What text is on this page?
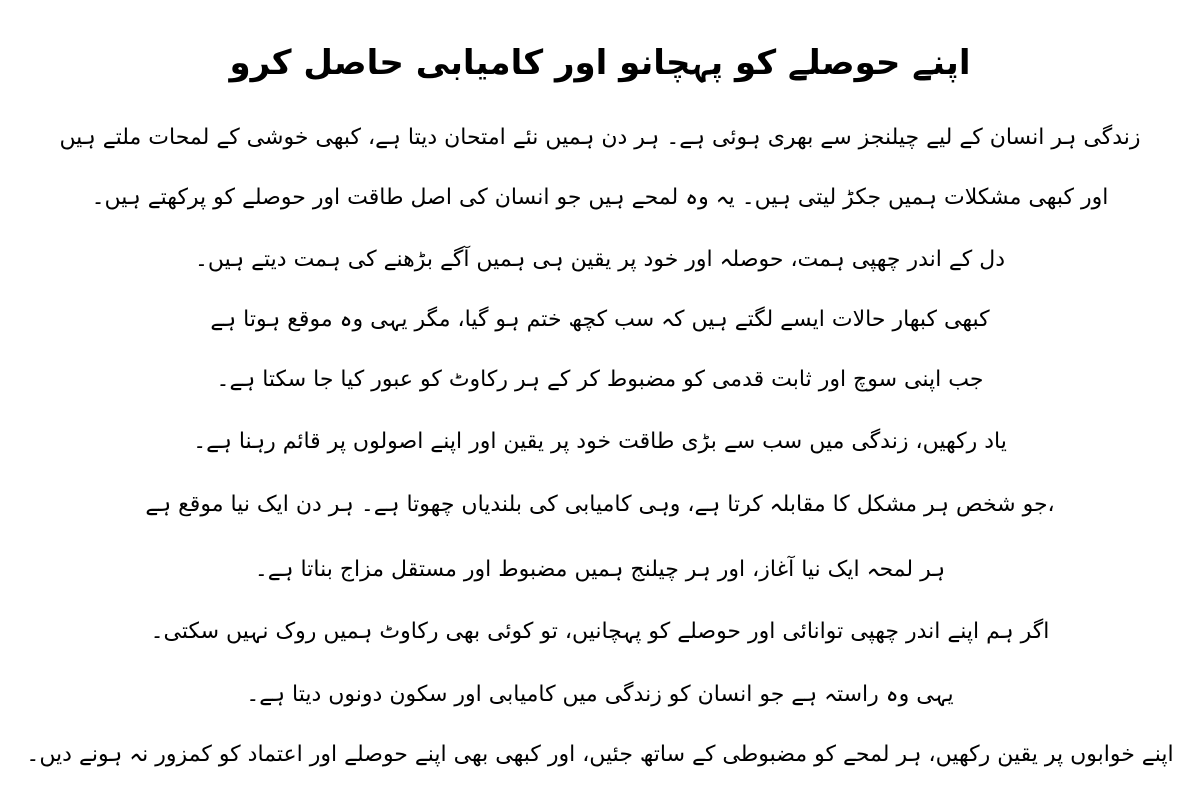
اپنے حوصلے کو پہچانو اور کامیابی حاصل کرو
زندگی ہر انسان کے لیے چیلنجز سے بھری ہوئی ہے۔ ہر دن ہمیں نئے امتحان دیتا ہے، کبھی خوشی کے لمحات ملتے ہیں
اور کبھی مشکلات ہمیں جکڑ لیتی ہیں۔ یہ وہ لمحے ہیں جو انسان کی اصل طاقت اور حوصلے کو پرکھتے ہیں۔
دل کے اندر چھپی ہمت، حوصلہ اور خود پر یقین ہی ہمیں آگے بڑھنے کی ہمت دیتے ہیں۔
کبھی کبھار حالات ایسے لگتے ہیں کہ سب کچھ ختم ہو گیا، مگر یہی وہ موقع ہوتا ہے
جب اپنی سوچ اور ثابت قدمی کو مضبوط کر کے ہر رکاوٹ کو عبور کیا جا سکتا ہے۔
یاد رکھیں، زندگی میں سب سے بڑی طاقت خود پر یقین اور اپنے اصولوں پر قائم رہنا ہے۔
،جو شخص ہر مشکل کا مقابلہ کرتا ہے، وہی کامیابی کی بلندیاں چھوتا ہے۔ ہر دن ایک نیا موقع ہے
ہر لمحہ ایک نیا آغاز، اور ہر چیلنج ہمیں مضبوط اور مستقل مزاج بناتا ہے۔
اگر ہم اپنے اندر چھپی توانائی اور حوصلے کو پہچانیں، تو کوئی بھی رکاوٹ ہمیں روک نہیں سکتی۔
یہی وہ راستہ ہے جو انسان کو زندگی میں کامیابی اور سکون دونوں دیتا ہے۔
اپنے خوابوں پر یقین رکھیں، ہر لمحے کو مضبوطی کے ساتھ جئیں، اور کبھی بھی اپنے حوصلے اور اعتماد کو کمزور نہ ہونے دیں۔
